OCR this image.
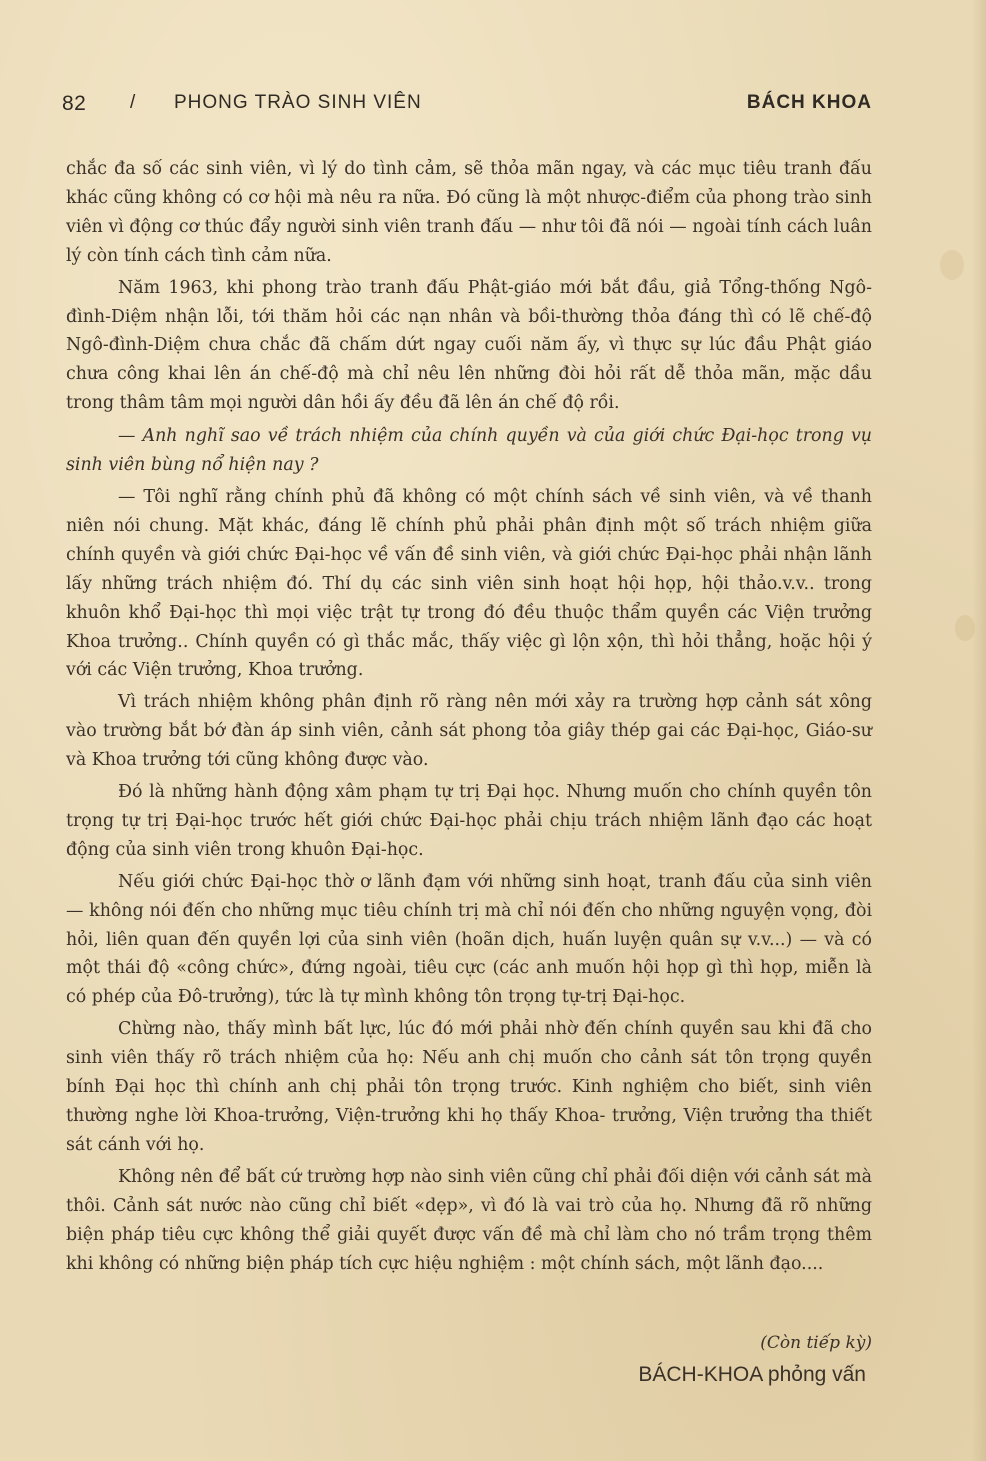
82 / PHONG TRÀO SINH VIÊN	BÁCH KHOA

chắc đa số các sinh viên, vì lý do tình cảm, sẽ thỏa mãn ngay, và các mục tiêu tranh đấu khác cũng không có cơ hội mà nêu ra nữa. Đó cũng là một nhược-điểm của phong trào sinh viên vì động cơ thúc đẩy người sinh viên tranh đấu — như tôi đã nói — ngoài tính cách luân lý còn tính cách tình cảm nữa.

Năm 1963, khi phong trào tranh đấu Phật-giáo mới bắt đầu, giả Tổng-thống Ngô-đình-Diệm nhận lỗi, tới thăm hỏi các nạn nhân và bồi-thường thỏa đáng thì có lẽ chế-độ Ngô-đình-Diệm chưa chắc đã chấm dứt ngay cuối năm ấy, vì thực sự lúc đầu Phật giáo chưa công khai lên án chế-độ mà chỉ nêu lên những đòi hỏi rất dễ thỏa mãn, mặc dầu trong thâm tâm mọi người dân hồi ấy đều đã lên án chế độ rồi.

— Anh nghĩ sao về trách nhiệm của chính quyền và của giới chức Đại-học trong vụ sinh viên bùng nổ hiện nay ?

— Tôi nghĩ rằng chính phủ đã không có một chính sách về sinh viên, và về thanh niên nói chung. Mặt khác, đáng lẽ chính phủ phải phân định một số trách nhiệm giữa chính quyền và giới chức Đại-học về vấn đề sinh viên, và giới chức Đại-học phải nhận lãnh lấy những trách nhiệm đó. Thí dụ các sinh viên sinh hoạt hội họp, hội thảo.v.v.. trong khuôn khổ Đại-học thì mọi việc trật tự trong đó đều thuộc thẩm quyền các Viện trưởng Khoa trưởng.. Chính quyền có gì thắc mắc, thấy việc gì lộn xộn, thì hỏi thẳng, hoặc hội ý với các Viện trưởng, Khoa trưởng.

Vì trách nhiệm không phân định rõ ràng nên mới xảy ra trường hợp cảnh sát xông vào trường bắt bớ đàn áp sinh viên, cảnh sát phong tỏa giây thép gai các Đại-học, Giáo-sư và Khoa trưởng tới cũng không được vào.

Đó là những hành động xâm phạm tự trị Đại học. Nhưng muốn cho chính quyền tôn trọng tự trị Đại-học trước hết giới chức Đại-học phải chịu trách nhiệm lãnh đạo các hoạt động của sinh viên trong khuôn Đại-học.

Nếu giới chức Đại-học thờ ơ lãnh đạm với những sinh hoạt, tranh đấu của sinh viên — không nói đến cho những mục tiêu chính trị mà chỉ nói đến cho những nguyện vọng, đòi hỏi, liên quan đến quyền lợi của sinh viên (hoãn dịch, huấn luyện quân sự v.v...) — và có một thái độ «công chức», đứng ngoài, tiêu cực (các anh muốn hội họp gì thì họp, miễn là có phép của Đô-trưởng), tức là tự mình không tôn trọng tự-trị Đại-học.

Chừng nào, thấy mình bất lực, lúc đó mới phải nhờ đến chính quyền sau khi đã cho sinh viên thấy rõ trách nhiệm của họ: Nếu anh chị muốn cho cảnh sát tôn trọng quyền bính Đại học thì chính anh chị phải tôn trọng trước. Kinh nghiệm cho biết, sinh viên thường nghe lời Khoa-trưởng, Viện-trưởng khi họ thấy Khoa- trưởng, Viện trưởng tha thiết sát cánh với họ.

Không nên để bất cứ trường hợp nào sinh viên cũng chỉ phải đối diện với cảnh sát mà thôi. Cảnh sát nước nào cũng chỉ biết «dẹp», vì đó là vai trò của họ. Nhưng đã rõ những biện pháp tiêu cực không thể giải quyết được vấn đề mà chỉ làm cho nó trầm trọng thêm khi không có những biện pháp tích cực hiệu nghiệm : một chính sách, một lãnh đạo....

(Còn tiếp kỳ)
BÁCH-KHOA phỏng vấn
